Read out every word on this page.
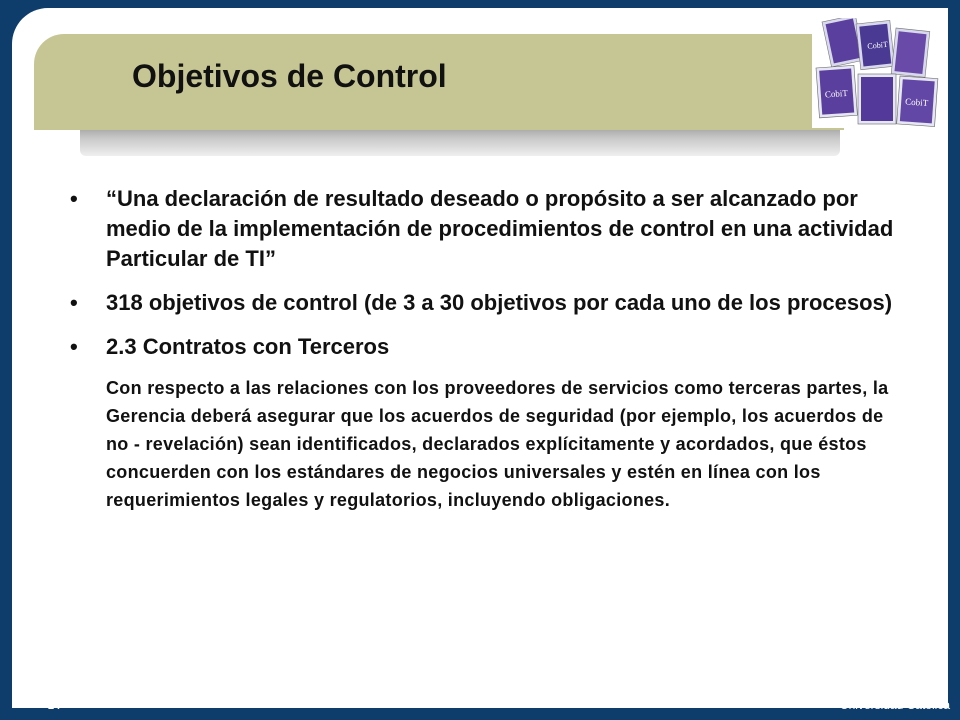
Objetivos de Control
CobiT
CobiT
CobiT
• “Una declaración de resultado deseado o propósito a ser alcanzado por medio de la implementación de procedimientos de control en una actividad Particular de TI”
• 318 objetivos de control (de 3 a 30 objetivos por cada uno de los procesos)
• 2.3 Contratos con Terceros
Con respecto a las relaciones con los proveedores de servicios como terceras partes, la Gerencia deberá asegurar que los acuerdos de seguridad (por ejemplo, los acuerdos de no - revelación) sean identificados, declarados explícitamente y acordados, que éstos concuerden con los estándares de negocios universales y estén en línea con los requerimientos legales y regulatorios, incluyendo obligaciones.
24	Universidad Católica
